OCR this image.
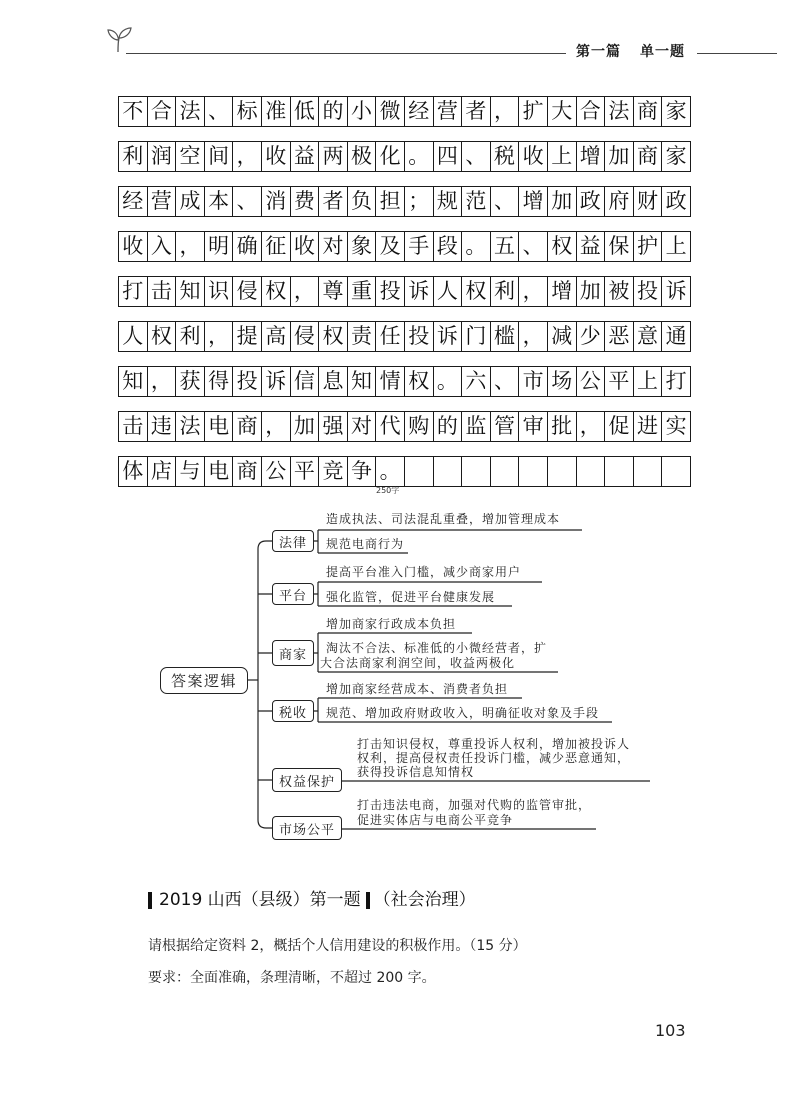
第一篇 单一题
不 合 法 、 标 准 低 的 小 微 经 营 者 ， 扩 大 合 法 商 家
利 润 空 间 ， 收 益 两 极 化 。 四 、 税 收 上 增 加 商 家
经 营 成 本 、 消 费 者 负 担 ； 规 范 、 增 加 政 府 财 政
收 入 ， 明 确 征 收 对 象 及 手 段 。 五 、 权 益 保 护 上
打 击 知 识 侵 权 ， 尊 重 投 诉 人 权 利 ， 增 加 被 投 诉
人 权 利 ， 提 高 侵 权 责 任 投 诉 门 槛 ， 减 少 恶 意 通
知 ， 获 得 投 诉 信 息 知 情 权 。 六 、 市 场 公 平 上 打
击 违 法 电 商 ， 加 强 对 代 购 的 监 管 审 批 ， 促 进 实
体 店 与 电 商 公 平 竞 争 。
250字
答案逻辑
法律
平台
商家
税收
权益保护
市场公平
造成执法、司法混乱重叠，增加管理成本
规范电商行为
提高平台准入门槛，减少商家用户
强化监管，促进平台健康发展
增加商家行政成本负担
淘汰不合法、标准低的小微经营者，扩
大合法商家利润空间，收益两极化
增加商家经营成本、消费者负担
规范、增加政府财政收入，明确征收对象及手段
打击知识侵权，尊重投诉人权利，增加被投诉人
权利，提高侵权责任投诉门槛，减少恶意通知，
获得投诉信息知情权
打击违法电商，加强对代购的监管审批，
促进实体店与电商公平竞争
2019 山西（县级）第一题 （社会治理）
请根据给定资料 2，概括个人信用建设的积极作用。（15 分）
要求：全面准确，条理清晰，不超过 200 字。
103
